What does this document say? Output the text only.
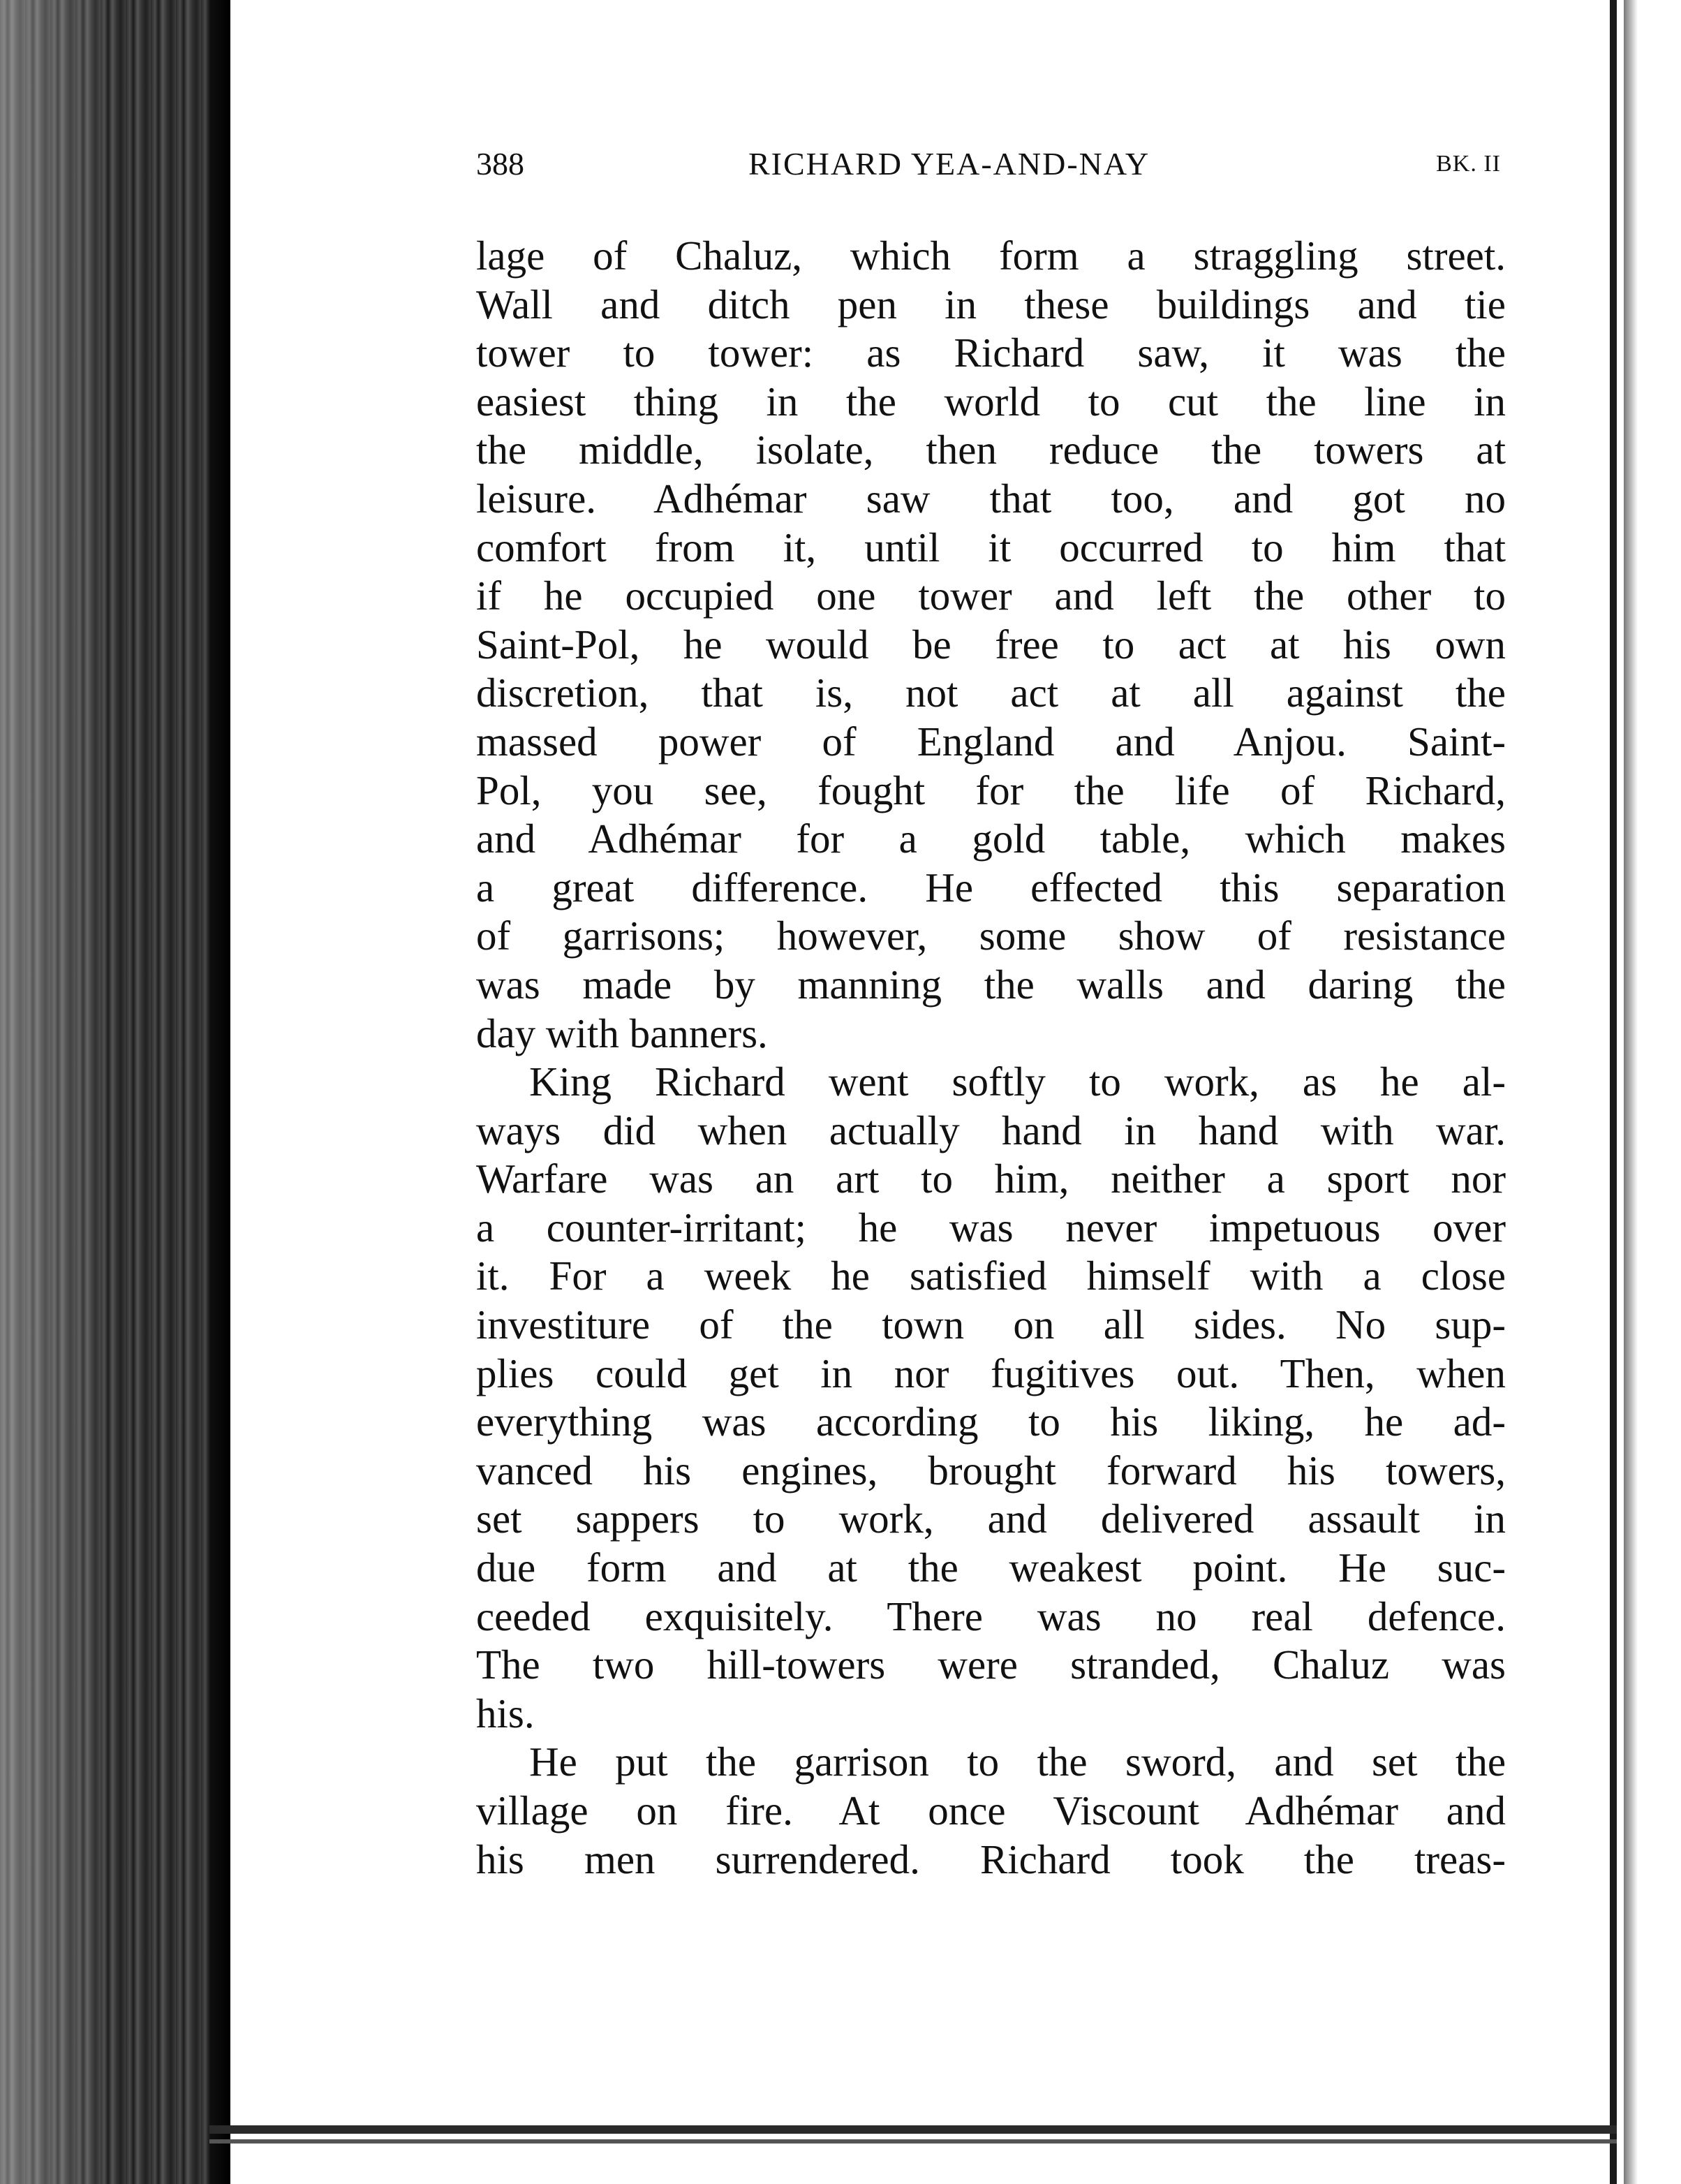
388	RICHARD YEA-AND-NAY	BK. II
lage of Chaluz, which form a straggling street.
Wall and ditch pen in these buildings and tie
tower to tower: as Richard saw, it was the
easiest thing in the world to cut the line in
the middle, isolate, then reduce the towers at
leisure. Adhémar saw that too, and got no
comfort from it, until it occurred to him that
if he occupied one tower and left the other to
Saint-Pol, he would be free to act at his own
discretion, that is, not act at all against the
massed power of England and Anjou. Saint-
Pol, you see, fought for the life of Richard,
and Adhémar for a gold table, which makes
a great difference. He effected this separation
of garrisons; however, some show of resistance
was made by manning the walls and daring the
day with banners.
King Richard went softly to work, as he al-
ways did when actually hand in hand with war.
Warfare was an art to him, neither a sport nor
a counter-irritant; he was never impetuous over
it. For a week he satisfied himself with a close
investiture of the town on all sides. No sup-
plies could get in nor fugitives out. Then, when
everything was according to his liking, he ad-
vanced his engines, brought forward his towers,
set sappers to work, and delivered assault in
due form and at the weakest point. He suc-
ceeded exquisitely. There was no real defence.
The two hill-towers were stranded, Chaluz was
his.
He put the garrison to the sword, and set the
village on fire. At once Viscount Adhémar and
his men surrendered. Richard took the treas-
